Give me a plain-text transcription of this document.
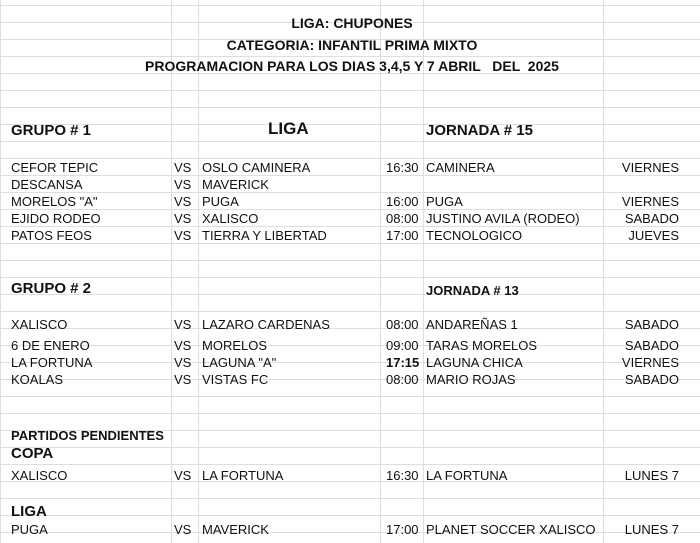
LIGA: CHUPONES
CATEGORIA: INFANTIL PRIMA MIXTO
PROGRAMACION PARA LOS DIAS 3,4,5 Y 7 ABRIL   DEL  2025
GRUPO # 1	LIGA	JORNADA # 15
CEFOR TEPIC	VS OSLO CAMINERA	16:30 CAMINERA	VIERNES
DESCANSA	VS MAVERICK
MORELOS "A"	VS PUGA	16:00 PUGA	VIERNES
EJIDO RODEO	VS XALISCO	08:00 JUSTINO AVILA (RODEO)	SABADO
PATOS FEOS	VS TIERRA Y LIBERTAD	17:00 TECNOLOGICO	JUEVES
GRUPO # 2	JORNADA # 13
XALISCO	VS LAZARO CARDENAS	08:00 ANDAREÑAS 1	SABADO
6 DE ENERO	VS MORELOS	09:00 TARAS MORELOS	SABADO
LA FORTUNA	VS LAGUNA "A"	17:15 LAGUNA CHICA	VIERNES
KOALAS	VS VISTAS FC	08:00 MARIO ROJAS	SABADO
PARTIDOS PENDIENTES
COPA
XALISCO	VS LA FORTUNA	16:30 LA FORTUNA	LUNES 7
LIGA
PUGA	VS MAVERICK	17:00 PLANET SOCCER XALISCO LUNES 7
